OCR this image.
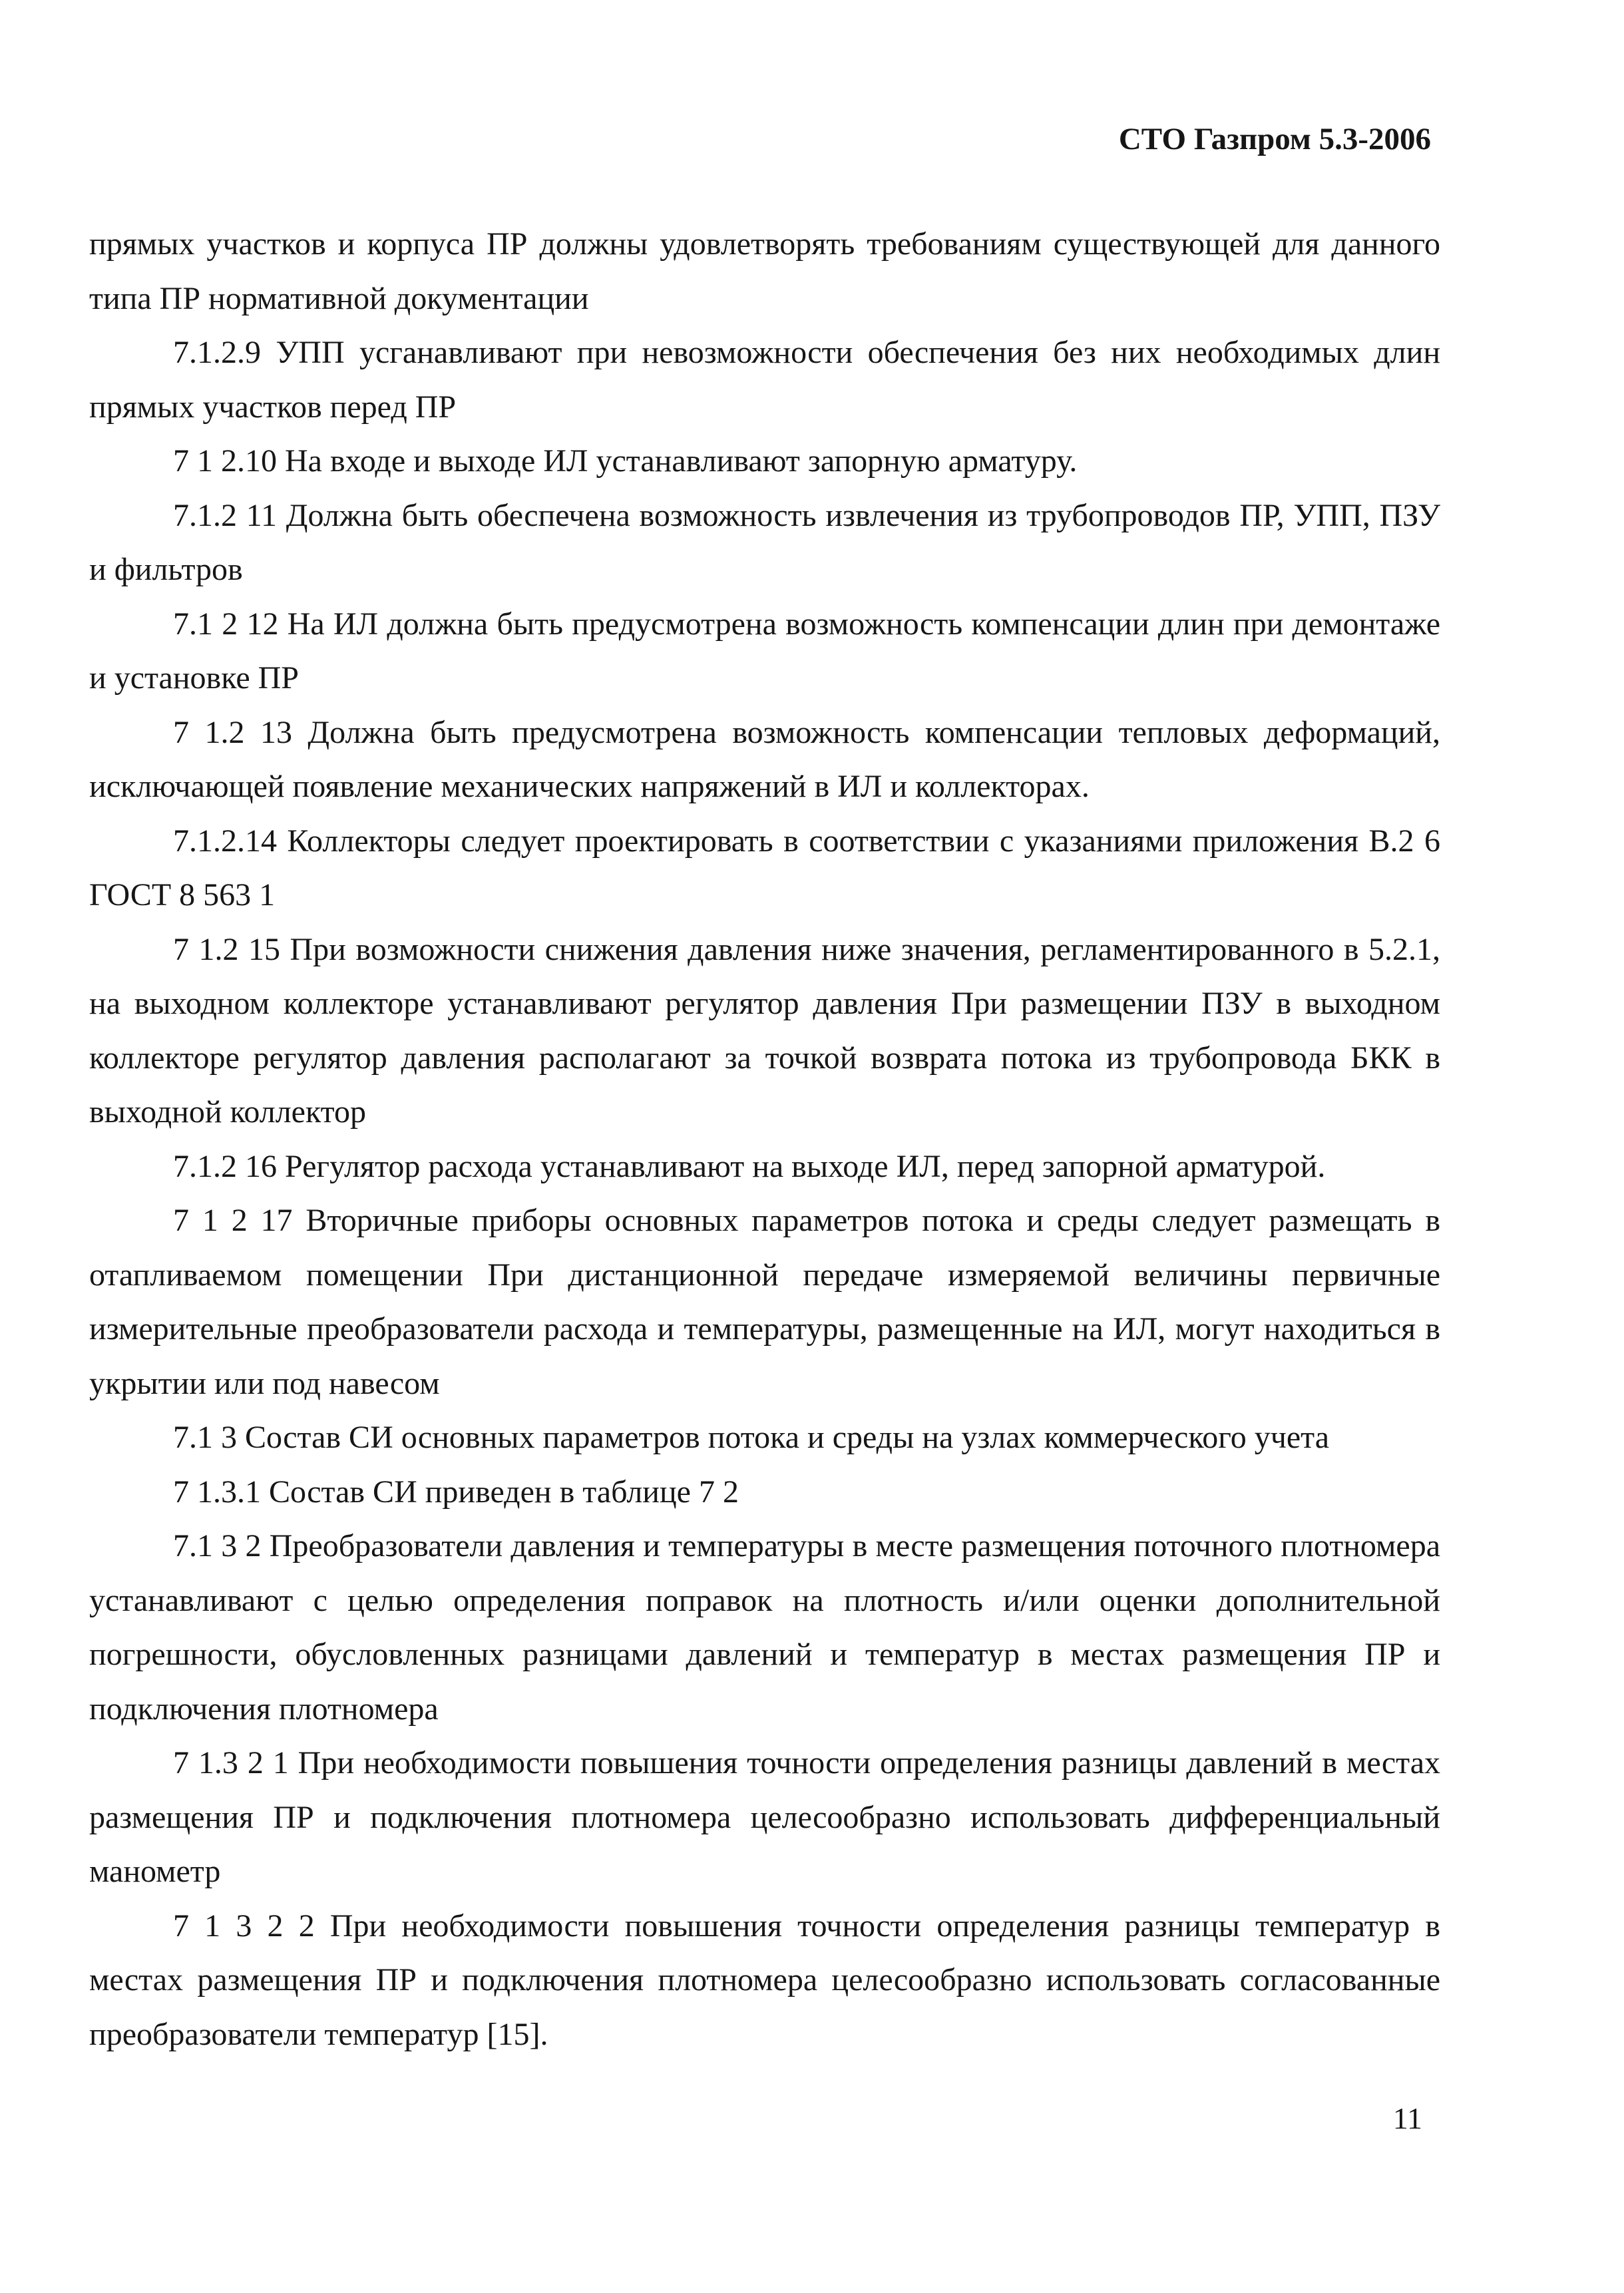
СТО Газпром 5.3-2006

прямых участков и корпуса ПР должны удовлетворять требованиям существующей для данного типа ПР нормативной документации

7.1.2.9 УПП усганавливают при невозможности обеспечения без них необходимых длин прямых участков перед ПР

7 1 2.10 На входе и выходе ИЛ устанавливают запорную арматуру.

7.1.2 11 Должна быть обеспечена возможность извлечения из трубопроводов ПР, УПП, ПЗУ и фильтров

7.1 2 12 На ИЛ должна быть предусмотрена возможность компенсации длин при демонтаже и установке ПР

7 1.2 13 Должна быть предусмотрена возможность компенсации тепловых деформаций, исключающей появление механических напряжений в ИЛ и коллекторах.

7.1.2.14 Коллекторы следует проектировать в соответствии с указаниями приложения В.2 6 ГОСТ 8 563 1

7 1.2 15 При возможности снижения давления ниже значения, регламентированного в 5.2.1, на выходном коллекторе устанавливают регулятор давления При размещении ПЗУ в выходном коллекторе регулятор давления располагают за точкой возврата потока из трубопровода БКК в выходной коллектор

7.1.2 16 Регулятор расхода устанавливают на выходе ИЛ, перед запорной арматурой.

7 1 2 17 Вторичные приборы основных параметров потока и среды следует размещать в отапливаемом помещении При дистанционной передаче измеряемой величины первичные измерительные преобразователи расхода и температуры, размещенные на ИЛ, могут находиться в укрытии или под навесом

7.1 3 Состав СИ основных параметров потока и среды на узлах коммерческого учета

7 1.3.1 Состав СИ приведен в таблице 7 2

7.1 3 2 Преобразователи давления и температуры в месте размещения поточного плотномера устанавливают с целью определения поправок на плотность и/или оценки дополнительной погрешности, обусловленных разницами давлений и температур в местах размещения ПР и подключения плотномера

7 1.3 2 1 При необходимости повышения точности определения разницы давлений в местах размещения ПР и подключения плотномера целесообразно использовать дифференциальный манометр

7 1 3 2 2 При необходимости повышения точности определения разницы температур в местах размещения ПР и подключения плотномера целесообразно использовать согласованные преобразователи температур [15].

11
